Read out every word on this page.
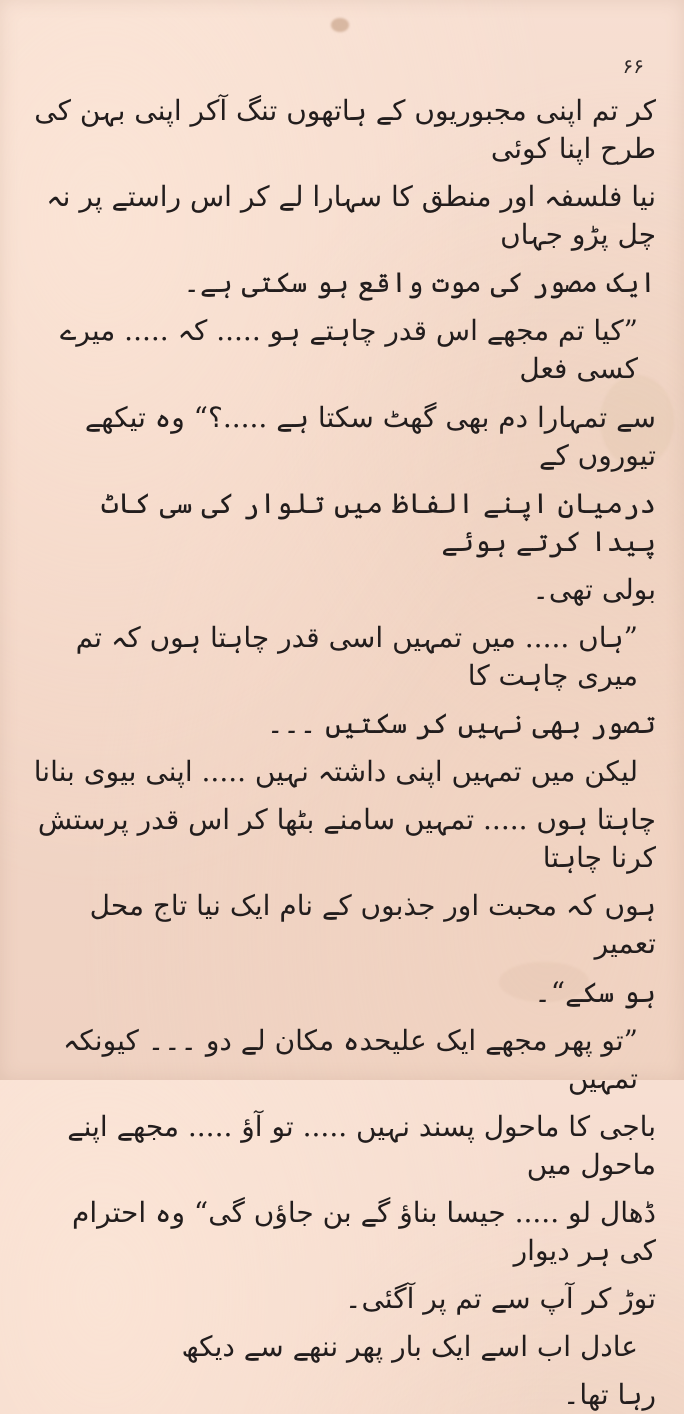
۶۶

کر تم اپنی مجبوریوں کے ہاتھوں تنگ آکر اپنی بہن کی طرح اپنا کوئی

نیا فلسفہ اور منطق کا سہارا لے کر اس راستے پر نہ چل پڑو جہاں

ایک مصور کی موت واقع ہو سکتی ہے۔

”کیا تم مجھے اس قدر چاہتے ہو ..... کہ ..... میرے کسی فعل

سے تمہارا دم بھی گھٹ سکتا ہے .....؟“ وہ تیکھے تیوروں کے

درمیان اپنے الفاظ میں تلوار کی سی کاٹ پیدا کرتے ہوئے

بولی تھی۔

”ہاں ..... میں تمہیں اسی قدر چاہتا ہوں کہ تم میری چاہت کا

تصور بھی نہیں کر سکتیں ۔۔۔

لیکن میں تمہیں اپنی داشتہ نہیں ..... اپنی بیوی بنانا

چاہتا ہوں ..... تمہیں سامنے بٹھا کر اس قدر پرستش کرنا چاہتا

ہوں کہ محبت اور جذبوں کے نام ایک نیا تاج محل تعمیر

ہو سکے“۔

”تو پھر مجھے ایک علیحدہ مکان لے دو ۔۔۔ کیونکہ تمہیں

باجی کا ماحول پسند نہیں ..... تو آؤ ..... مجھے اپنے ماحول میں

ڈھال لو ..... جیسا بناؤ گے بن جاؤں گی“ وہ احترام کی ہر دیوار

توڑ کر آپ سے تم پر آگئی۔

عادل اب اسے ایک بار پھر ننھے سے دیکھ

رہا تھا۔
